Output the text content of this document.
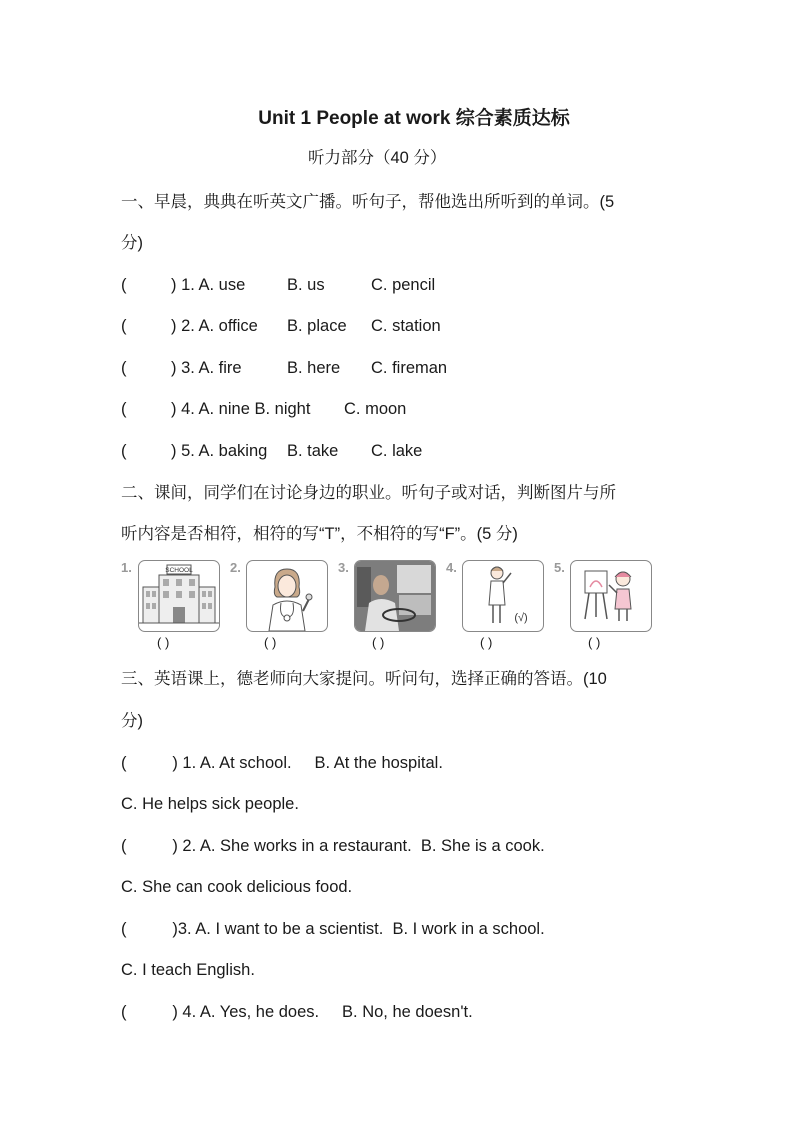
Unit 1 People at work 综合素质达标
听力部分（40 分）
一、早晨，典典在听英文广播。听句子，帮他选出所听到的单词。(5
分)
(	) 1. A. use	B. us	C. pencil
(	) 2. A. office B. place C. station
(	) 3. A. fire	B. here C. fireman
(	) 4. A. nine B. night C. moon
(	) 5. A. baking B. take C. lake
二、课间，同学们在讨论身边的职业。听句子或对话，判断图片与所
听内容是否相符，相符的写“T”，不相符的写“F”。(5 分)
1.	SCHOOL
( )
2.
( )
3.
( )
4.
(√)
( )
5.
( )
三、英语课上，德老师向大家提问。听问句，选择正确的答语。(10
分)
(          ) 1. A. At school.     B. At the hospital.
C. He helps sick people.
(          ) 2. A. She works in a restaurant.  B. She is a cook.
C. She can cook delicious food.
(          )3. A. I want to be a scientist.  B. I work in a school.
C. I teach English.
(          ) 4. A. Yes, he does.     B. No, he doesn't.
